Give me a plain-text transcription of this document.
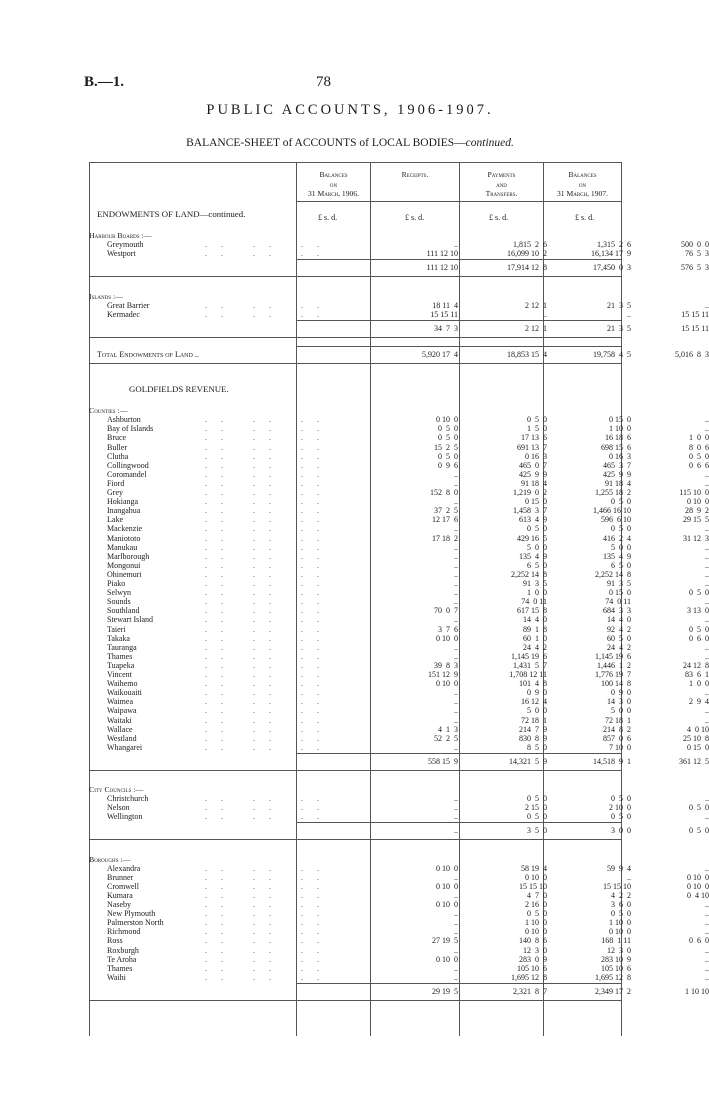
B.—1.	78
PUBLIC ACCOUNTS, 1906-1907.
BALANCE-SHEET of ACCOUNTS of LOCAL BODIES—continued.
Balances
on
31 March, 1906.
Receipts.	Payments
and
Transfers.
Balances
on
31 March, 1907.
£ s. d.	£ s. d.	£ s. d.	£ s. d.
ENDOWMENTS OF LAND—continued.
Harbour Boards :—
Greymouth	.. .. ..	..	1,815  2  6	1,315  2  6	500  0  0
Westport	.. .. ..	111 12 10	16,099 10  2	16,134 17  9	76  5  3
111 12 10	17,914 12  8	17,450  0  3	576  5  3
Islands :—
Great Barrier	.. .. ..	18 11  4	2 12  1	21  3  5	..
Kermadec	.. .. ..	15 15 11	..	..	15 15 11
34  7  3	2 12  1	21  3  5	15 15 11
Total Endowments of Land ..	5,920 17  4	18,853 15  4	19,758  4  5	5,016  8  3
GOLDFIELDS REVENUE.
Counties :—
Ashburton	.. .. ..	0 10  0	0  5  0	0 15  0	..
Bay of Islands	.. .. ..	0  5  0	1  5  0	1 10  0	..
Bruce	.. .. ..	0  5  0	17 13  6	16 18  6	1  0  0
Buller	.. .. ..	15  2  5	691 13  7	698 15  6	8  0  6
Clutha	.. .. ..	0  5  0	0 16  3	0 16  3	0  5  0
Collingwood	.. .. ..	0  9  6	465  0  7	465  3  7	0  6  6
Coromandel	.. .. ..	..	425  9  9	425  9  9	..
Fiord	.. .. ..	..	91 18  4	91 18  4	..
Grey	.. .. ..	152  8  0	1,219  0  2	1,255 18  2	115 10  0
Hokianga	.. .. ..	..	0 15  0	0  5  0	0 10  0
Inangahua	.. .. ..	37  2  5	1,458  3  7	1,466 16 10	28  9  2
Lake	.. .. ..	12 17  6	613  4  9	596  6 10	29 15  5
Mackenzie	.. .. ..	..	0  5  0	0  5  0	..
Maniototo	.. .. ..	17 18  2	429 16  5	416  2  4	31 12  3
Manukau	.. .. ..	..	5  0  0	5  0  0	..
Marlborough	.. .. ..	..	135  4  9	135  4  9	..
Mongonui	.. .. ..	..	6  5  0	6  5  0	..
Ohinemuri	.. .. ..	..	2,252 14  8	2,252 14  8	..
Piako	.. .. ..	..	91  3  5	91  3  5	..
Selwyn	.. .. ..	..	1  0  0	0 15  0	0  5  0
Sounds	.. .. ..	..	74  0 11	74  0 11	..
Southland	.. .. ..	70  0  7	617 15  8	684  3  3	3 13  0
Stewart Island	.. .. ..	..	14  4  0	14  4  0	..
Taieri	.. .. ..	3  7  6	89  1  8	92  4  2	0  5  0
Takaka	.. .. ..	0 10  0	60  1  0	60  5  0	0  6  0
Tauranga	.. .. ..	..	24  4  2	24  4  2	..
Thames	.. .. ..	..	1,145 19  6	1,145 19  6	..
Tuapeka	.. .. ..	39  8  3	1,431  5  7	1,446  1  2	24 12  8
Vincent	.. .. ..	151 12  9	1,708 12 11	1,776 19  7	83  6  1
Waihemo	.. .. ..	0 10  0	101  4  8	100 14  8	1  0  0
Waikouaiti	.. .. ..	..	0  9  0	0  9  0	..
Waimea	.. .. ..	..	16 12  4	14  3  0	2  9  4
Waipawa	.. .. ..	..	5  0  0	5  0  0	..
Waitaki	.. .. ..	..	72 18  1	72 18  1	..
Wallace	.. .. ..	4  1  3	214  7  9	214  8  2	4  0 10
Westland	.. .. ..	52  2  5	830  8  9	857  0  6	25 10  8
Whangarei	.. .. ..	..	8  5  0	7 10  0	0 15  0
558 15  9	14,321  5  9	14,518  9  1	361 12  5
City Councils :—
Christchurch	.. .. ..	..	0  5  0	0  5  0	..
Nelson	.. .. ..	..	2 15  0	2 10  0	0  5  0
Wellington	.. .. ..	..	0  5  0	0  5  0	..
..	3  5  0	3  0  0	0  5  0
Boroughs :—
Alexandra	.. .. ..	0 10  0	58 19  4	59  9  4	..
Brunner	.. .. ..	..	0 10  0	..	0 10  0
Cromwell	.. .. ..	0 10  0	15 15 10	15 15 10	0 10  0
Kumara	.. .. ..	..	4  7  0	4  2  2	0  4 10
Naseby	.. .. ..	0 10  0	2 16  0	3  6  0	..
New Plymouth	.. .. ..	..	0  5  0	0  5  0	..
Palmerston North	.. .. ..	..	1 10  0	1 10  0	..
Richmond	.. .. ..	..	0 10  0	0 10  0	..
Ross	.. .. ..	27 19  5	140  8  6	168  1 11	0  6  0
Roxburgh	.. .. ..	..	12  3  0	12  3  0	..
Te Aroha	.. .. ..	0 10  0	283  0  9	283 10  9	..
Thames	.. .. ..	..	105 10  6	105 10  6	..
Waihi	.. .. ..	..	1,695 12  8	1,695 12  8	..
29 19  5	2,321  8  7	2,349 17  2	1 10 10
